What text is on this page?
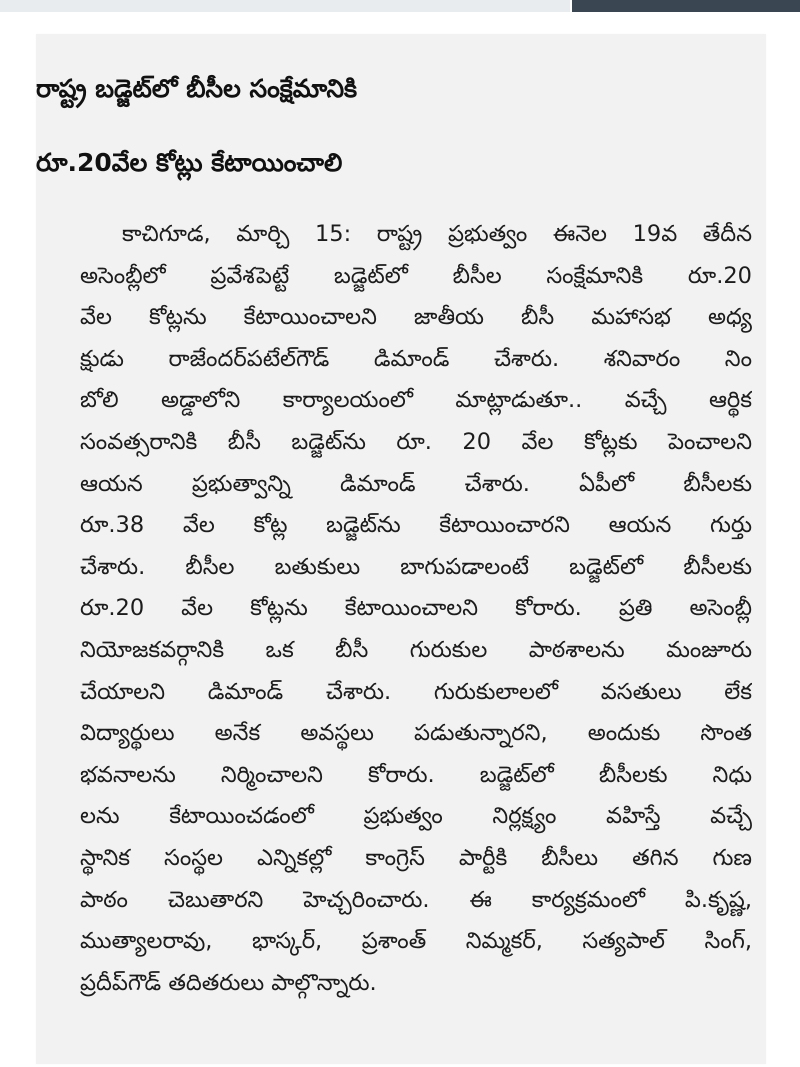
రాష్ట్ర బడ్జెట్‌లో బీసీల సంక్షేమానికి
రూ.20వేల కోట్లు కేటాయించాలి
కాచిగూడ, మార్చి 15: రాష్ట్ర ప్రభుత్వం ఈనెల 19వ తేదీన
అసెంబ్లీలో ప్రవేశపెట్టే బడ్జెట్‌లో బీసీల సంక్షేమానికి రూ.20
వేల కోట్లను కేటాయించాలని జాతీయ బీసీ మహాసభ అధ్య
క్షుడు రాజేందర్‌పటేల్‌గౌడ్ డిమాండ్ చేశారు. శనివారం నిం
బోలి అడ్డాలోని కార్యాలయంలో మాట్లాడుతూ.. వచ్చే ఆర్థిక
సంవత్సరానికి బీసీ బడ్జెట్‌ను రూ. 20 వేల కోట్లకు పెంచాలని
ఆయన ప్రభుత్వాన్ని డిమాండ్ చేశారు. ఏపీలో బీసీలకు
రూ.38 వేల కోట్ల బడ్జెట్‌ను కేటాయించారని ఆయన గుర్తు
చేశారు. బీసీల బతుకులు బాగుపడాలంటే బడ్జెట్‌లో బీసీలకు
రూ.20 వేల కోట్లను కేటాయించాలని కోరారు. ప్రతి అసెంబ్లీ
నియోజకవర్గానికి ఒక బీసీ గురుకుల పాఠశాలను మంజూరు
చేయాలని డిమాండ్ చేశారు. గురుకులాలలో వసతులు లేక
విద్యార్థులు అనేక అవస్థలు పడుతున్నారని, అందుకు సొంత
భవనాలను నిర్మించాలని కోరారు. బడ్జెట్‌లో బీసీలకు నిధు
లను కేటాయించడంలో ప్రభుత్వం నిర్లక్ష్యం వహిస్తే వచ్చే
స్థానిక సంస్థల ఎన్నికల్లో కాంగ్రెస్ పార్టీకి బీసీలు తగిన గుణ
పాఠం చెబుతారని హెచ్చరించారు. ఈ కార్యక్రమంలో పి.కృష్ణ,
ముత్యాలరావు, భాస్కర్, ప్రశాంత్ నిమ్మకర్, సత్యపాల్ సింగ్,
ప్రదీప్‌గౌడ్ తదితరులు పాల్గొన్నారు.
